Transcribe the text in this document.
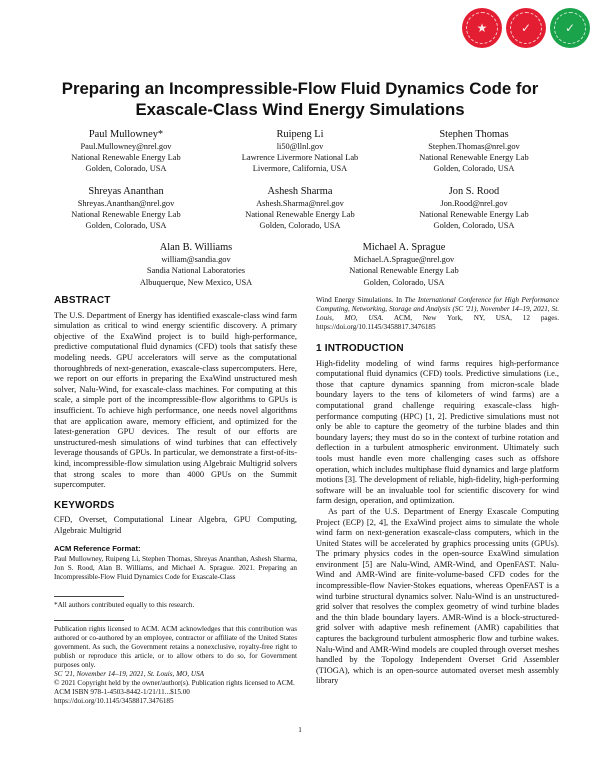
★	✓	✓
Preparing an Incompressible-Flow Fluid Dynamics Code for Exascale-Class Wind Energy Simulations
Paul Mullowney*
Paul.Mullowney@nrel.gov
National Renewable Energy Lab
Golden, Colorado, USA
Ruipeng Li
li50@llnl.gov
Lawrence Livermore National Lab
Livermore, California, USA
Stephen Thomas
Stephen.Thomas@nrel.gov
National Renewable Energy Lab
Golden, Colorado, USA
Shreyas Ananthan
Shreyas.Ananthan@nrel.gov
National Renewable Energy Lab
Golden, Colorado, USA
Ashesh Sharma
Ashesh.Sharma@nrel.gov
National Renewable Energy Lab
Golden, Colorado, USA
Jon S. Rood
Jon.Rood@nrel.gov
National Renewable Energy Lab
Golden, Colorado, USA
Alan B. Williams
william@sandia.gov
Sandia National Laboratories
Albuquerque, New Mexico, USA
Michael A. Sprague
Michael.A.Sprague@nrel.gov
National Renewable Energy Lab
Golden, Colorado, USA
ABSTRACT

The U.S. Department of Energy has identified exascale-class wind farm simulation as critical to wind energy scientific discovery. A primary objective of the ExaWind project is to build high-performance, predictive computational fluid dynamics (CFD) tools that satisfy these modeling needs. GPU accelerators will serve as the computational thoroughbreds of next-generation, exascale-class supercomputers. Here, we report on our efforts in preparing the ExaWind unstructured mesh solver, Nalu-Wind, for exascale-class machines. For computing at this scale, a simple port of the incompressible-flow algorithms to GPUs is insufficient. To achieve high performance, one needs novel algorithms that are application aware, memory efficient, and optimized for the latest-generation GPU devices. The result of our efforts are unstructured-mesh simulations of wind turbines that can effectively leverage thousands of GPUs. In particular, we demonstrate a first-of-its-kind, incompressible-flow simulation using Algebraic Multigrid solvers that strong scales to more than 4000 GPUs on the Summit supercomputer.

KEYWORDS

CFD, Overset, Computational Linear Algebra, GPU Computing, Algebraic Multigrid

ACM Reference Format:

Paul Mullowney, Ruipeng Li, Stephen Thomas, Shreyas Ananthan, Ashesh Sharma, Jon S. Rood, Alan B. Williams, and Michael A. Sprague. 2021. Preparing an Incompressible-Flow Fluid Dynamics Code for Exascale-Class

*All authors contributed equally to this research.

Publication rights licensed to ACM. ACM acknowledges that this contribution was authored or co-authored by an employee, contractor or affiliate of the United States government. As such, the Government retains a nonexclusive, royalty-free right to publish or reproduce this article, or to allow others to do so, for Government purposes only.

SC '21, November 14–19, 2021, St. Louis, MO, USA

© 2021 Copyright held by the owner/author(s). Publication rights licensed to ACM.

ACM ISBN 978-1-4503-8442-1/21/11...$15.00

https://doi.org/10.1145/3458817.3476185

Wind Energy Simulations. In The International Conference for High Performance Computing, Networking, Storage and Analysis (SC '21), November 14–19, 2021, St. Louis, MO, USA. ACM, New York, NY, USA, 12 pages. https://doi.org/10.1145/3458817.3476185

1 INTRODUCTION

High-fidelity modeling of wind farms requires high-performance computational fluid dynamics (CFD) tools. Predictive simulations (i.e., those that capture dynamics spanning from micron-scale blade boundary layers to the tens of kilometers of wind farms) are a computational grand challenge requiring exascale-class high-performance computing (HPC) [1, 2]. Predictive simulations must not only be able to capture the geometry of the turbine blades and thin boundary layers; they must do so in the context of turbine rotation and deflection in a turbulent atmospheric environment. Ultimately such tools must handle even more challenging cases such as offshore operation, which includes multiphase fluid dynamics and large platform motions [3]. The development of reliable, high-fidelity, high-performing software will be an invaluable tool for scientific discovery for wind farm design, operation, and optimization.

As part of the U.S. Department of Energy Exascale Computing Project (ECP) [2, 4], the ExaWind project aims to simulate the whole wind farm on next-generation exascale-class computers, which in the United States will be accelerated by graphics processing units (GPUs). The primary physics codes in the open-source ExaWind simulation environment [5] are Nalu-Wind, AMR-Wind, and OpenFAST. Nalu-Wind and AMR-Wind are finite-volume-based CFD codes for the incompressible-flow Navier-Stokes equations, whereas OpenFAST is a wind turbine structural dynamics solver. Nalu-Wind is an unstructured-grid solver that resolves the complex geometry of wind turbine blades and the thin blade boundary layers. AMR-Wind is a block-structured-grid solver with adaptive mesh refinement (AMR) capabilities that captures the background turbulent atmospheric flow and turbine wakes. Nalu-Wind and AMR-Wind models are coupled through overset meshes handled by the Topology Independent Overset Grid Assembler (TIOGA), which is an open-source automated overset mesh assembly library

1
